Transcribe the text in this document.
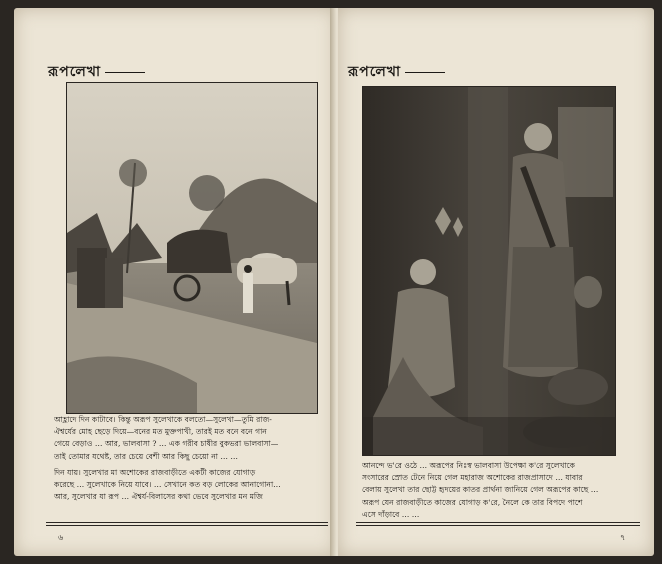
রূপলেখা
আহ্লাদে দিন কাটাবে। কিন্তু অরূপ সুলেখাকে বলতো—সুলেখা—তুমি রাজ-
ঐশ্বর্যের মোহ ছেড়ে দিয়ে—বনের মত মুক্তপাখী, তারই মত বনে বনে গান
গেয়ে বেড়াও … আর, ভালবাসা ? … এক গরীব চাষীর বুকভরা ভালবাসা—
তাই তোমার যথেষ্ট, তার চেয়ে বেশী আর কিছু চেয়ো না … …
দিন যায়। সুলেখার মা অশোকের রাজবাড়ীতে একটী কাজের যোগাড়
করেছে … সুলেখাকে নিয়ে যাবে। … সেখানে কত বড় লোকের আনাগোনা…
আর, সুলেখার যা রূপ … ঐশ্বর্য-বিলাসের কথা ভেবে সুলেখার মন মজি
৬
রূপলেখা
আনন্দে ভ'রে ওঠে … অরূপের নিঃস্ব ভালবাসা উপেক্ষা ক'রে সুলেখাকে
সংসারের স্রোত টেনে নিয়ে গেল মহারাজ অশোকের রাজপ্রাসাদে … যাবার
বেলায় সুলেখা তার ছোট্ট হৃদয়ের কাতর প্রার্থনা জানিয়ে গেল অরূপের কাছে …
অরূপ যেন রাজবাড়ীতে কাজের যোগাড় ক'রে, নৈলে কে তার বিপদে পাশে
এসে দাঁড়াবে … …
৭
